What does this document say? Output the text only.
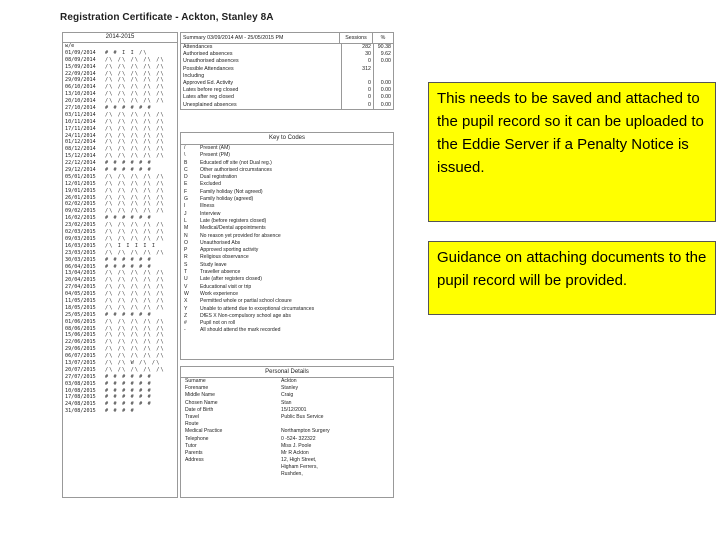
Registration Certificate - Ackton, Stanley 8A
2014-2015
w/e
01/09/2014	# # I I /\
08/09/2014	/\ /\ /\ /\ /\
15/09/2014	/\ /\ /\ /\ /\
22/09/2014	/\ /\ /\ /\ /\
29/09/2014	/\ /\ /\ /\ /\
06/10/2014	/\ /\ /\ /\ /\
13/10/2014	/\ /\ /\ /\ /\
20/10/2014	/\ /\ /\ /\ /\
27/10/2014	# # # # # #
03/11/2014	/\ /\ /\ /\ /\
10/11/2014	/\ /\ /\ /\ /\
17/11/2014	/\ /\ /\ /\ /\
24/11/2014	/\ /\ /\ /\ /\
01/12/2014	/\ /\ /\ /\ /\
08/12/2014	/\ /\ /\ /\ /\
15/12/2014	/\ /\ /\ /\ /\
22/12/2014	# # # # # #
29/12/2014	# # # # # #
05/01/2015	/\ /\ /\ /\ /\
12/01/2015	/\ /\ /\ /\ /\
19/01/2015	/\ /\ /\ /\ /\
26/01/2015	/\ /\ /\ /\ /\
02/02/2015	/\ /\ /\ /\ /\
09/02/2015	/\ /\ /\ /\ /\
16/02/2015	# # # # # #
23/02/2015	/\ /\ /\ /\ /\
02/03/2015	/\ /\ /\ /\ /\
09/03/2015	/\ /\ /\ /\ /\
16/03/2015	/\ I I I I I
23/03/2015	/\ /\ /\ /\ /\
30/03/2015	# # # # # #
06/04/2015	# # # # # #
13/04/2015	/\ /\ /\ /\ /\
20/04/2015	/\ /\ /\ /\ /\
27/04/2015	/\ /\ /\ /\ /\
04/05/2015	/\ /\ /\ /\ /\
11/05/2015	/\ /\ /\ /\ /\
18/05/2015	/\ /\ /\ /\ /\
25/05/2015	# # # # # #
01/06/2015	/\ /\ /\ /\ /\
08/06/2015	/\ /\ /\ /\ /\
15/06/2015	/\ /\ /\ /\ /\
22/06/2015	/\ /\ /\ /\ /\
29/06/2015	/\ /\ /\ /\ /\
06/07/2015	/\ /\ /\ /\ /\
13/07/2015	/\ /\ W /\ /\
20/07/2015	/\ /\ /\ /\ /\
27/07/2015	# # # # # #
03/08/2015	# # # # # #
10/08/2015	# # # # # #
17/08/2015	# # # # # #
24/08/2015	# # # # # #
31/08/2015	# # # #
Summary 03/09/2014 AM - 25/05/2015 PM	Sessions	%
Attendances	282	90.38
Authorised absences	30	9.62
Unauthorised absences	0	0.00
Possible Attendances	312
Including
Approved Ed. Activity	0	0.00
Lates before reg closed	0	0.00
Lates after reg closed	0	0.00
Unexplained absences	0	0.00
Key to Codes
/	Present (AM)
\	Present (PM)
B	Educated off site (not Dual reg.)
C	Other authorised circumstances
D	Dual registration
E	Excluded
F	Family holiday (Not agreed)
G	Family holiday (agreed)
I	Illness
J	Interview
L	Late (before registers closed)
M	Medical/Dental appointments
N	No reason yet provided for absence
O	Unauthorised Abs
P	Approved sporting activity
R	Religious observance
S	Study leave
T	Traveller absence
U	Late (after registers closed)
V	Educational visit or trip
W	Work experience
X	Permitted whole or partial school closure
Y	Unable to attend due to exceptional circumstances
Z	DfES X Non-compulsory school age abs
#	Pupil not on roll
-	All should attend the mark recorded
Personal Details
Surname	Ackton
Forename	Stanley
Middle Name	Craig
Chosen Name	Stan
Date of Birth	15/12/2001
Travel	Public Bus Service
Route
Medical Practice	Northampton Surgery
Telephone	0 -524- 322322
Tutor	Miss J. Poole
Parents	Mr R Ackton
Address	12, High Street,
Higham Ferrers,
Rushden,
This needs to be saved and attached to the pupil record so it can be uploaded to the Eddie Server if a Penalty Notice is issued.
Guidance on attaching documents to the pupil record will be provided.
